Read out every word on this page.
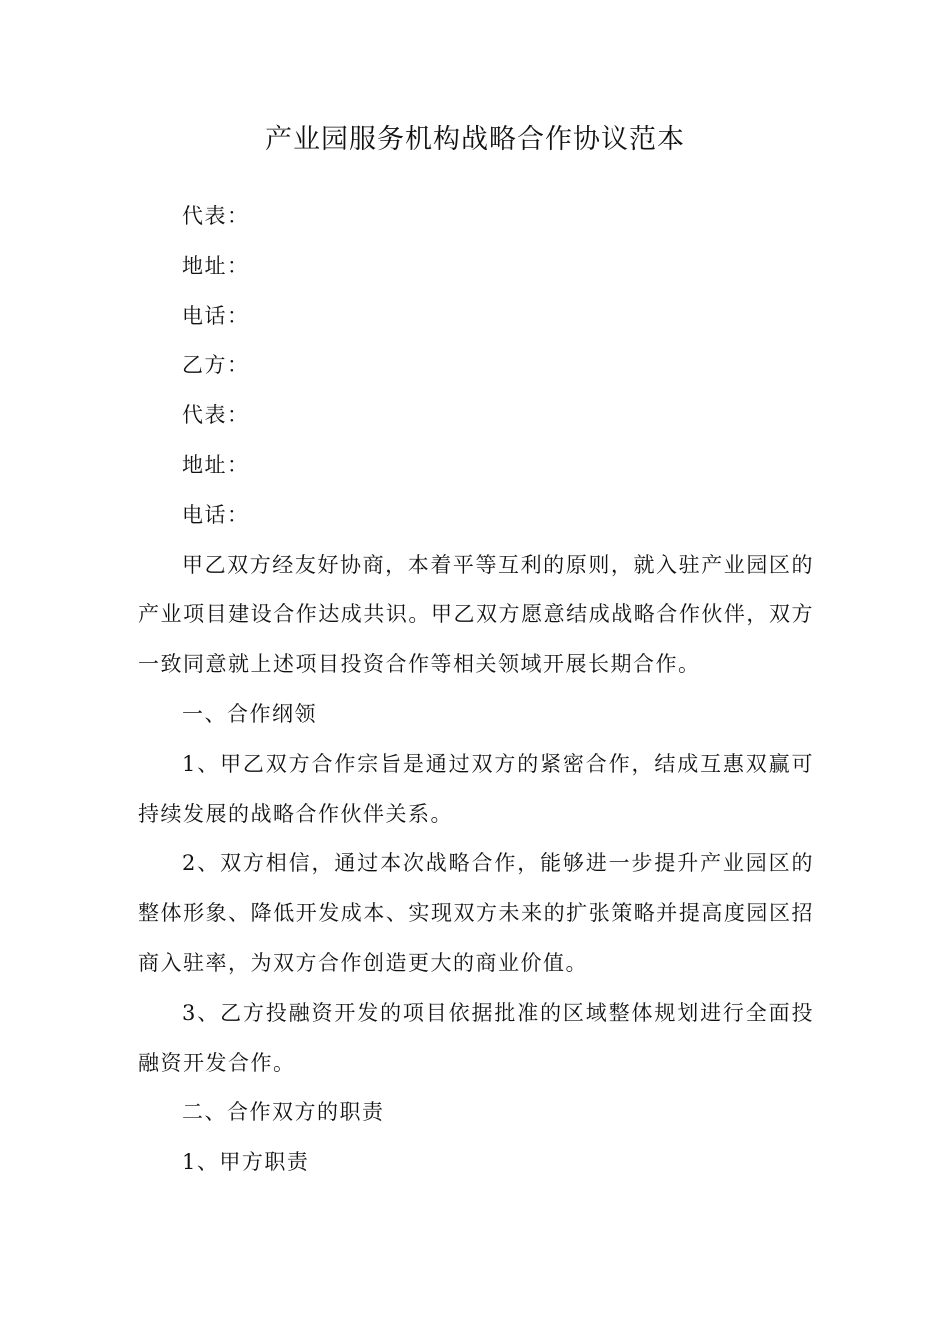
产业园服务机构战略合作协议范本

代表：

地址：

电话：

乙方：

代表：

地址：

电话：

甲乙双方经友好协商，本着平等互利的原则，就入驻产业园区的产业项目建设合作达成共识。甲乙双方愿意结成战略合作伙伴，双方一致同意就上述项目投资合作等相关领域开展长期合作。

一、合作纲领

1、甲乙双方合作宗旨是通过双方的紧密合作，结成互惠双赢可持续发展的战略合作伙伴关系。

2、双方相信，通过本次战略合作，能够进一步提升产业园区的整体形象、降低开发成本、实现双方未来的扩张策略并提高度园区招商入驻率，为双方合作创造更大的商业价值。

3、乙方投融资开发的项目依据批准的区域整体规划进行全面投融资开发合作。

二、合作双方的职责

1、甲方职责
